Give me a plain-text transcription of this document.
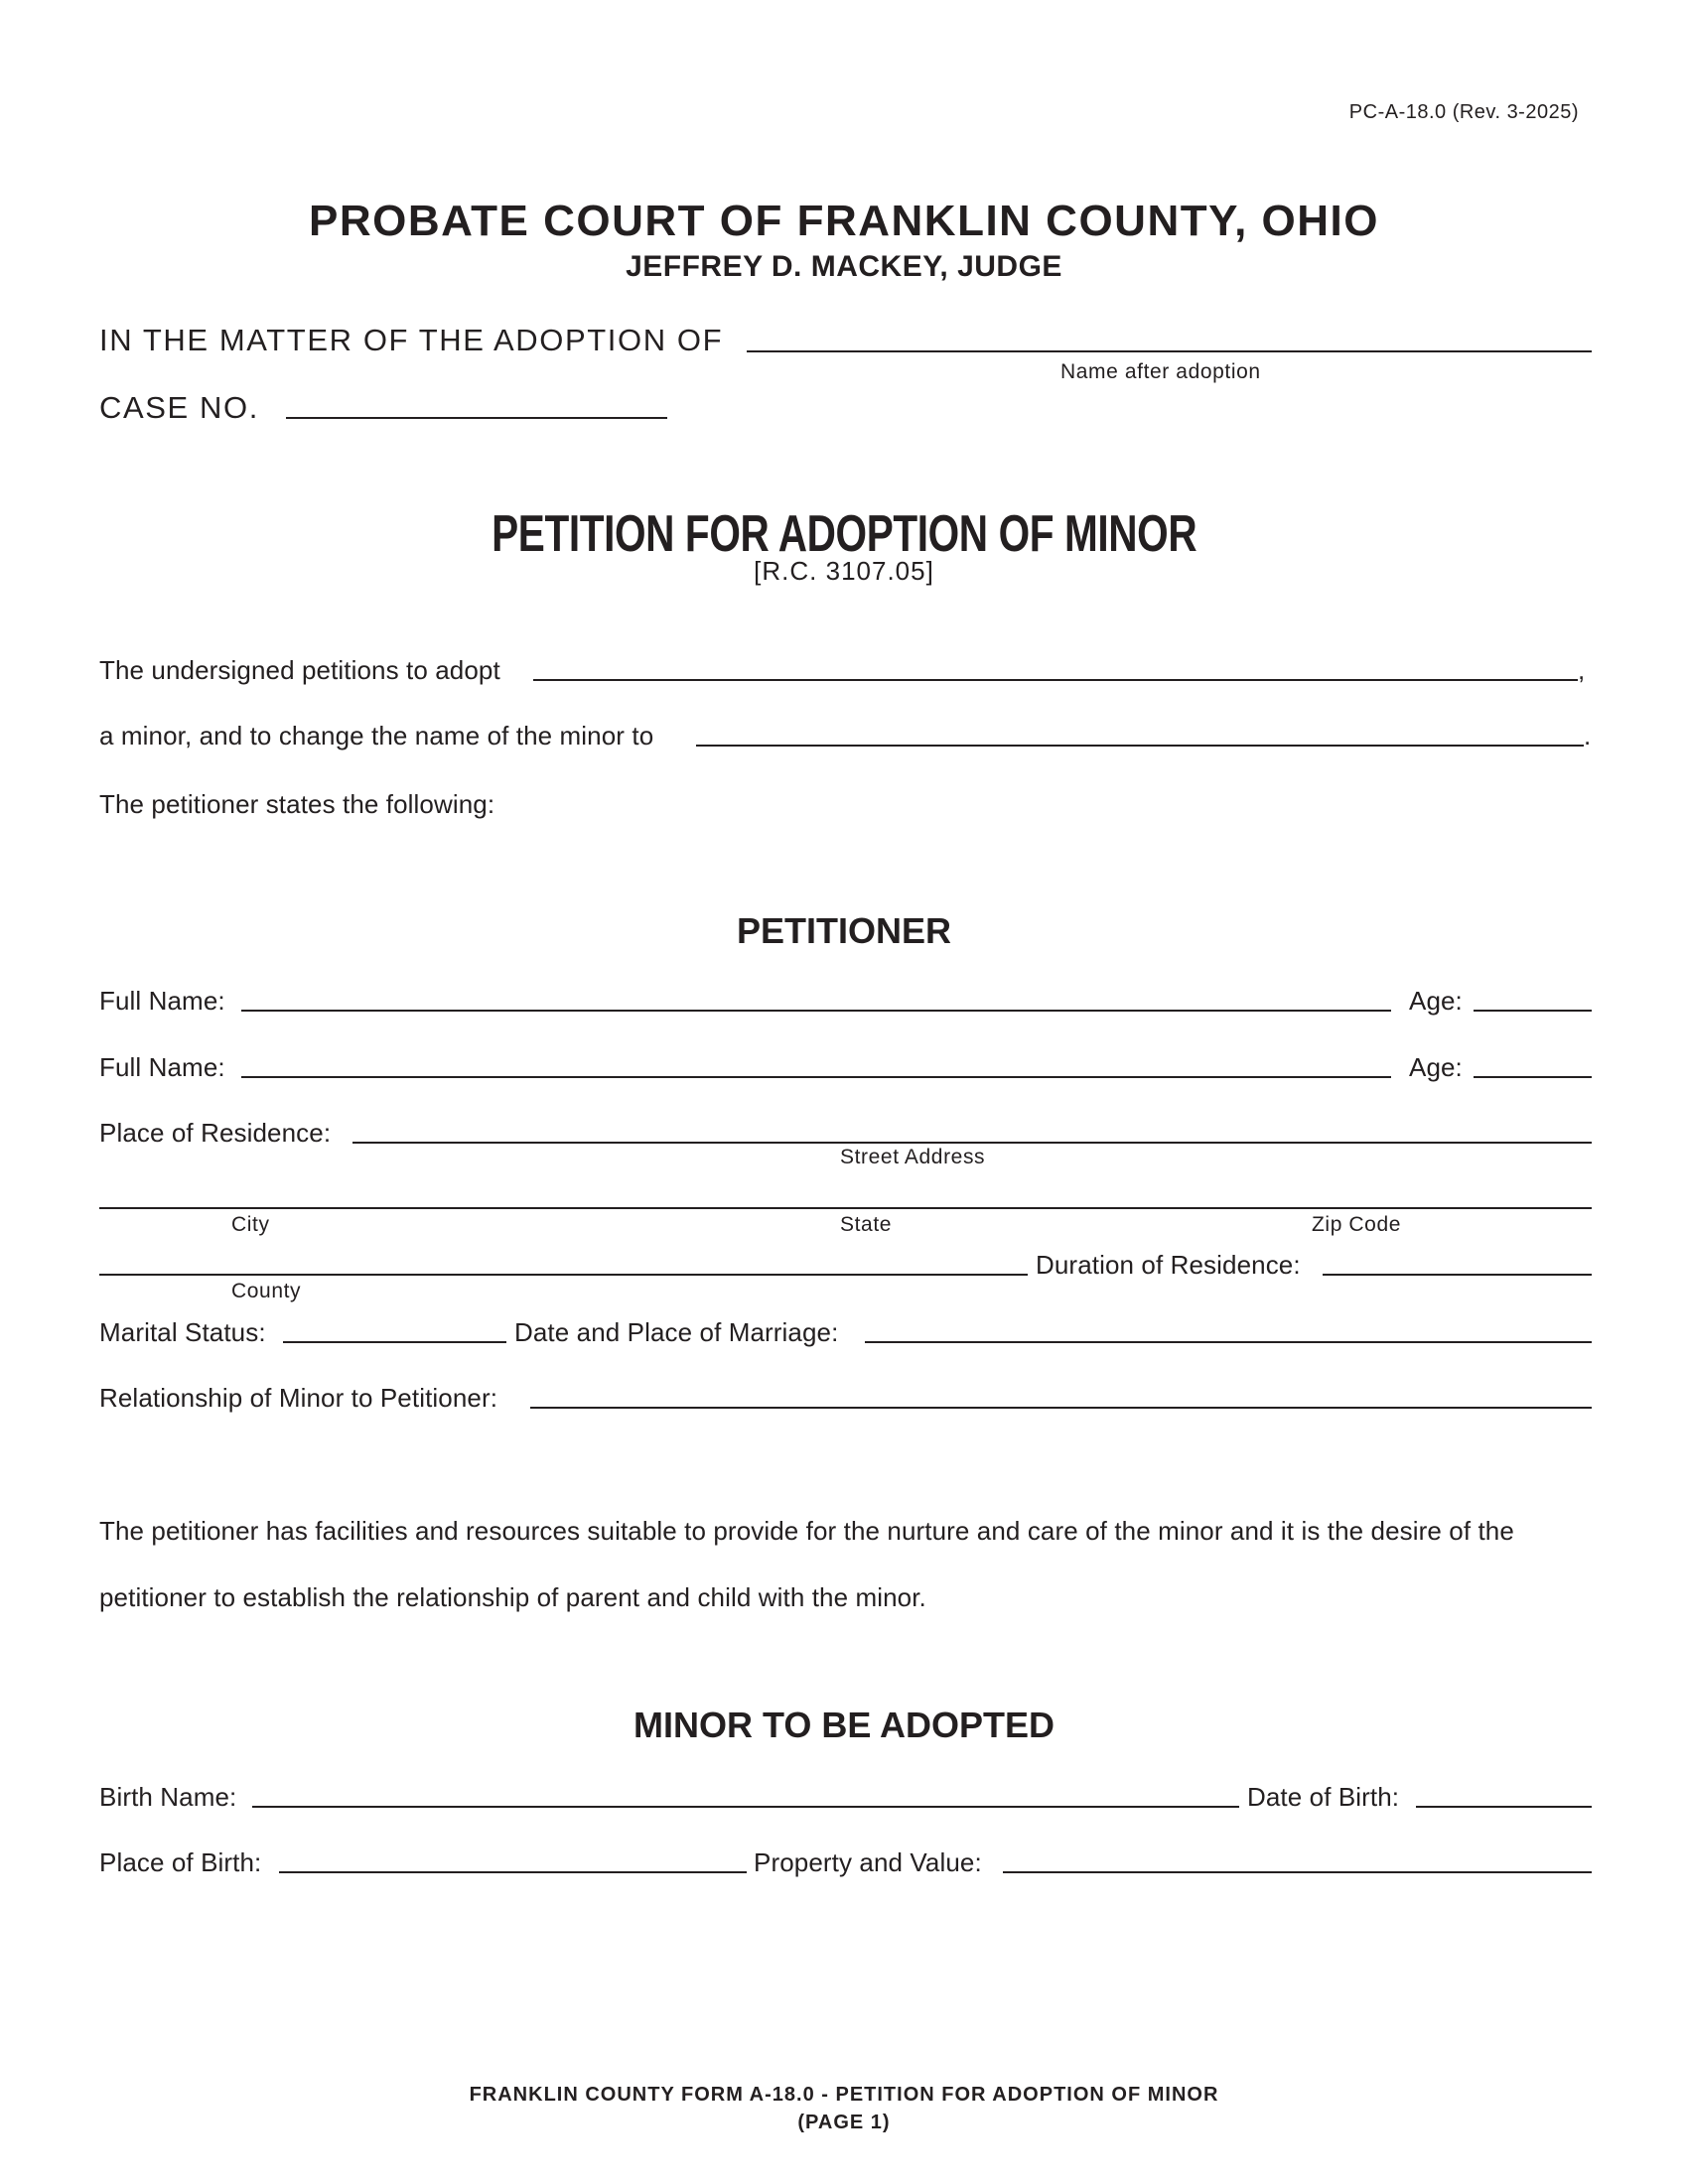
PC-A-18.0 (Rev. 3-2025)
PROBATE COURT OF FRANKLIN COUNTY, OHIO
JEFFREY D. MACKEY, JUDGE
IN THE MATTER OF THE ADOPTION OF
Name after adoption
CASE NO.
PETITION FOR ADOPTION OF MINOR
[R.C. 3107.05]
The undersigned petitions to adopt	,
a minor, and to change the name of the minor to	.
The petitioner states the following:
PETITIONER
Full Name:	Age:
Full Name:	Age:
Place of Residence:
Street Address
City	State	Zip Code
Duration of Residence:
County
Marital Status:	Date and Place of Marriage:
Relationship of Minor to Petitioner:
The petitioner has facilities and resources suitable to provide for the nurture and care of the minor and it is the desire of the
petitioner to establish the relationship of parent and child with the minor.
MINOR TO BE ADOPTED
Birth Name:	Date of Birth:
Place of Birth:	Property and Value:
FRANKLIN COUNTY FORM A-18.0 - PETITION FOR ADOPTION OF MINOR
(PAGE 1)
